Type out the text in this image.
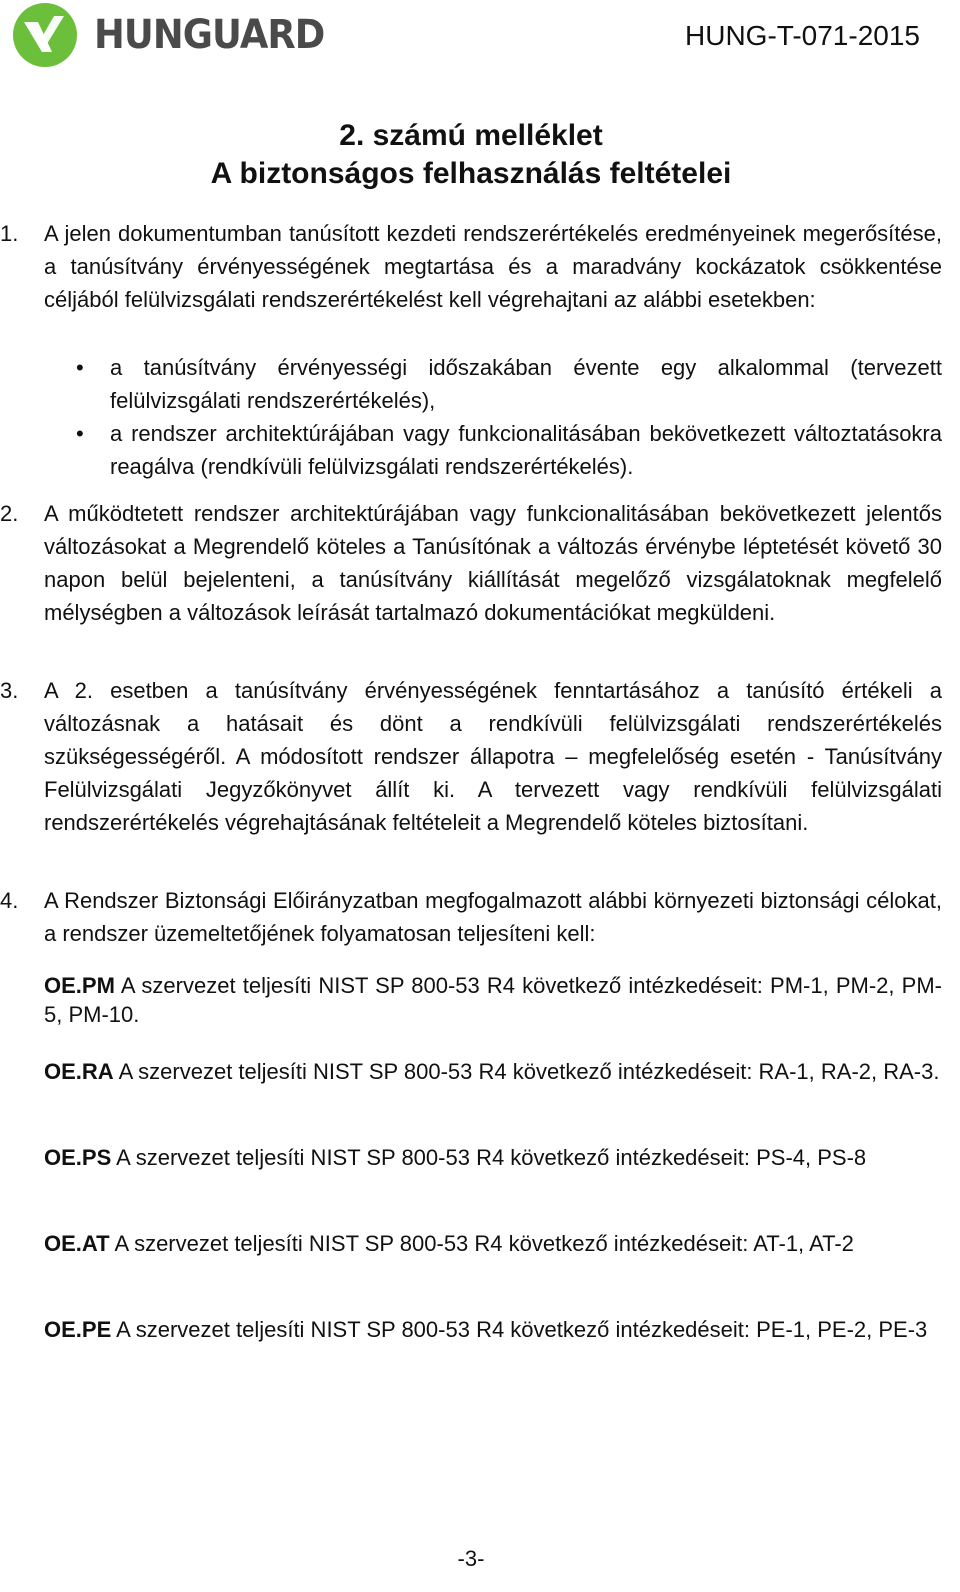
HUNGUARD	HUNG-T-071-2015
2. számú melléklet
A biztonságos felhasználás feltételei
1. A jelen dokumentumban tanúsított kezdeti rendszerértékelés eredményeinek megerősítése, a tanúsítvány érvényességének megtartása és a maradvány kockázatok csökkentése céljából felülvizsgálati rendszerértékelést kell végrehajtani az alábbi esetekben:
• a tanúsítvány érvényességi időszakában évente egy alkalommal (tervezett felülvizsgálati rendszerértékelés),
• a rendszer architektúrájában vagy funkcionalitásában bekövetkezett változtatásokra reagálva (rendkívüli felülvizsgálati rendszerértékelés).
2. A működtetett rendszer architektúrájában vagy funkcionalitásában bekövetkezett jelentős változásokat a Megrendelő köteles a Tanúsítónak a változás érvénybe léptetését követő 30 napon belül bejelenteni, a tanúsítvány kiállítását megelőző vizsgálatoknak megfelelő mélységben a változások leírását tartalmazó dokumentációkat megküldeni.
3. A 2. esetben a tanúsítvány érvényességének fenntartásához a tanúsító értékeli a változásnak a hatásait és dönt a rendkívüli felülvizsgálati rendszerértékelés szükségességéről. A módosított rendszer állapotra – megfelelőség esetén - Tanúsítvány Felülvizsgálati Jegyzőkönyvet állít ki. A tervezett vagy rendkívüli felülvizsgálati rendszerértékelés végrehajtásának feltételeit a Megrendelő köteles biztosítani.
4. A Rendszer Biztonsági Előirányzatban megfogalmazott alábbi környezeti biztonsági célokat, a rendszer üzemeltetőjének folyamatosan teljesíteni kell:
OE.PM A szervezet teljesíti NIST SP 800-53 R4 következő intézkedéseit: PM-1, PM-2, PM-5, PM-10.
OE.RA A szervezet teljesíti NIST SP 800-53 R4 következő intézkedéseit: RA-1, RA-2, RA-3.
OE.PS A szervezet teljesíti NIST SP 800-53 R4 következő intézkedéseit: PS-4, PS-8
OE.AT A szervezet teljesíti NIST SP 800-53 R4 következő intézkedéseit: AT-1, AT-2
OE.PE A szervezet teljesíti NIST SP 800-53 R4 következő intézkedéseit: PE-1, PE-2, PE-3
-3-
